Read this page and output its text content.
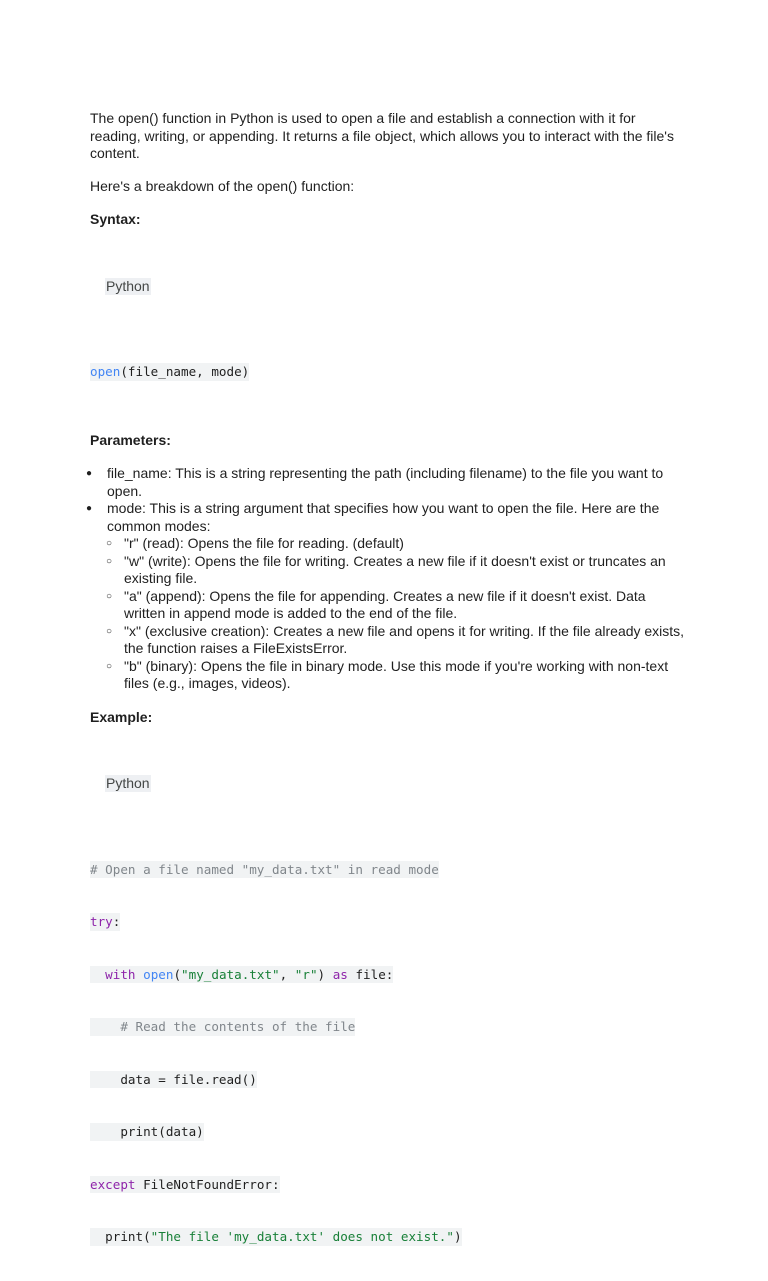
The open() function in Python is used to open a file and establish a connection with it for reading, writing, or appending. It returns a file object, which allows you to interact with the file's content.

Here's a breakdown of the open() function:

Syntax:

Python

open(file_name, mode)

Parameters:

● file_name: This is a string representing the path (including filename) to the file you want to open.
● mode: This is a string argument that specifies how you want to open the file. Here are the common modes:
○ "r" (read): Opens the file for reading. (default)
○ "w" (write): Opens the file for writing. Creates a new file if it doesn't exist or truncates an existing file.
○ "a" (append): Opens the file for appending. Creates a new file if it doesn't exist. Data written in append mode is added to the end of the file.
○ "x" (exclusive creation): Creates a new file and opens it for writing. If the file already exists, the function raises a FileExistsError.
○ "b" (binary): Opens the file in binary mode. Use this mode if you're working with non-text files (e.g., images, videos).

Example:

Python

# Open a file named "my_data.txt" in read mode

try:

with open("my_data.txt", "r") as file:

# Read the contents of the file

data = file.read()

print(data)

except FileNotFoundError:

print("The file 'my_data.txt' does not exist.")
